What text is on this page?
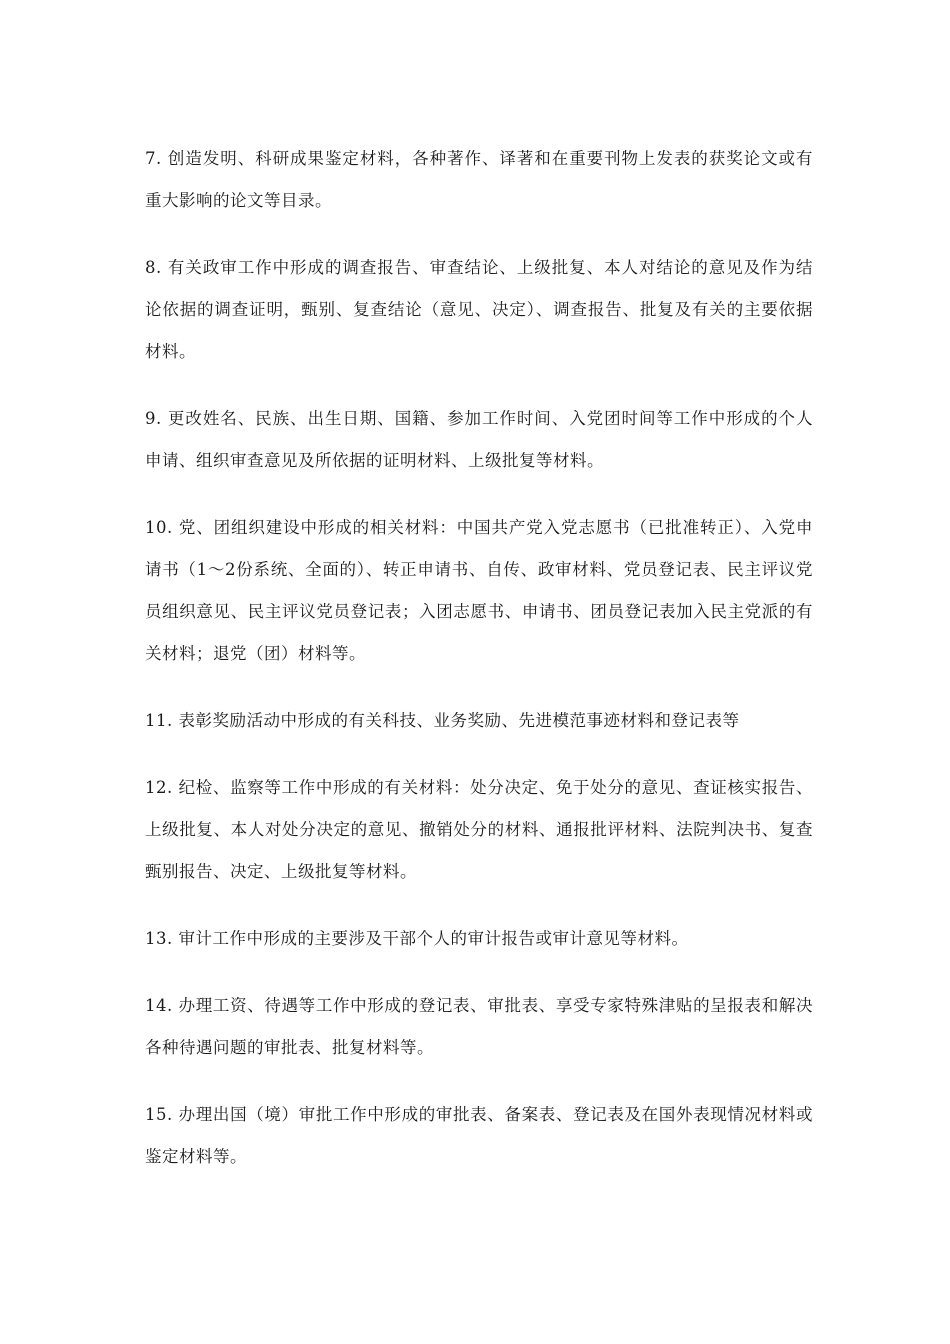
7. 创造发明、科研成果鉴定材料，各种著作、译著和在重要刊物上发表的获奖论文或有重大影响的论文等目录。

8. 有关政审工作中形成的调查报告、审查结论、上级批复、本人对结论的意见及作为结论依据的调查证明，甄别、复查结论（意见、决定）、调查报告、批复及有关的主要依据材料。

9. 更改姓名、民族、出生日期、国籍、参加工作时间、入党团时间等工作中形成的个人申请、组织审查意见及所依据的证明材料、上级批复等材料。

10. 党、团组织建设中形成的相关材料：中国共产党入党志愿书（已批准转正）、入党申请书（1～2份系统、全面的）、转正申请书、自传、政审材料、党员登记表、民主评议党员组织意见、民主评议党员登记表；入团志愿书、申请书、团员登记表加入民主党派的有关材料；退党（团）材料等。

11. 表彰奖励活动中形成的有关科技、业务奖励、先进模范事迹材料和登记表等

12. 纪检、监察等工作中形成的有关材料：处分决定、免于处分的意见、查证核实报告、上级批复、本人对处分决定的意见、撤销处分的材料、通报批评材料、法院判决书、复查甄别报告、决定、上级批复等材料。

13. 审计工作中形成的主要涉及干部个人的审计报告或审计意见等材料。

14. 办理工资、待遇等工作中形成的登记表、审批表、享受专家特殊津贴的呈报表和解决各种待遇问题的审批表、批复材料等。

15. 办理出国（境）审批工作中形成的审批表、备案表、登记表及在国外表现情况材料或鉴定材料等。
